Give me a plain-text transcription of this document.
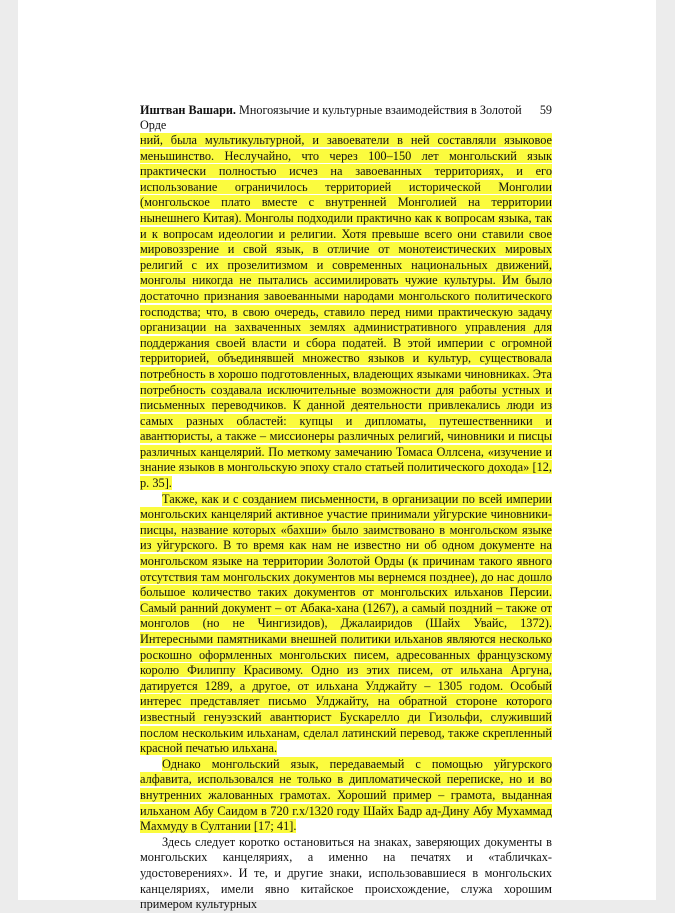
Иштван Вашари. Многоязычие и культурные взаимодействия в Золотой Орде
59

ний, была мультикультурной, и завоеватели в ней составляли языковое меньшинство. Неслучайно, что через 100–150 лет монгольский язык практически полностью исчез на завоеванных территориях, и его использование ограничилось территорией исторической Монголии (монгольское плато вместе с внутренней Монголией на территории нынешнего Китая). Монголы подходили практично как к вопросам языка, так и к вопросам идеологии и религии. Хотя превыше всего они ставили свое мировоззрение и свой язык, в отличие от монотеистических мировых религий с их прозелитизмом и современных национальных движений, монголы никогда не пытались ассимилировать чужие культуры. Им было достаточно признания завоеванными народами монгольского политического господства; что, в свою очередь, ставило перед ними практическую задачу организации на захваченных землях административного управления для поддержания своей власти и сбора податей. В этой империи с огромной территорией, объединявшей множество языков и культур, существовала потребность в хорошо подготовленных, владеющих языками чиновниках. Эта потребность создавала исключительные возможности для работы устных и письменных переводчиков. К данной деятельности привлекались люди из самых разных областей: купцы и дипломаты, путешественники и авантюристы, а также – миссионеры различных религий, чиновники и писцы различных канцелярий. По меткому замечанию Томаса Оллсена, «изучение и знание языков в монгольскую эпоху стало статьей политического дохода» [12, p. 35].

Также, как и с созданием письменности, в организации по всей империи монгольских канцелярий активное участие принимали уйгурские чиновники-писцы, название которых «бахши» было заимствовано в монгольском языке из уйгурского. В то время как нам не известно ни об одном документе на монгольском языке на территории Золотой Орды (к причинам такого явного отсутствия там монгольских документов мы вернемся позднее), до нас дошло большое количество таких документов от монгольских ильханов Персии. Самый ранний документ – от Абака-хана (1267), а самый поздний – также от монголов (но не Чингизидов), Джалаиридов (Шайх Увайс, 1372). Интересными памятниками внешней политики ильханов являются несколько роскошно оформленных монгольских писем, адресованных французскому королю Филиппу Красивому. Одно из этих писем, от ильхана Аргуна, датируется 1289, а другое, от ильхана Улджайту – 1305 годом. Особый интерес представляет письмо Улджайту, на обратной стороне которого известный генуэзский авантюрист Бускарелло ди Гизольфи, служивший послом нескольким ильханам, сделал латинский перевод, также скрепленный красной печатью ильхана.

Однако монгольский язык, передаваемый с помощью уйгурского алфавита, использовался не только в дипломатической переписке, но и во внутренних жалованных грамотах. Хороший пример – грамота, выданная ильханом Абу Саидом в 720 г.х/1320 году Шайх Бадр ад-Дину Абу Мухаммад Махмуду в Султании [17; 41].

Здесь следует коротко остановиться на знаках, заверяющих документы в монгольских канцеляриях, а именно на печатях и «табличках-удостоверениях». И те, и другие знаки, использовавшиеся в монгольских канцеляриях, имели явно китайское происхождение, служа хорошим примером культурных
